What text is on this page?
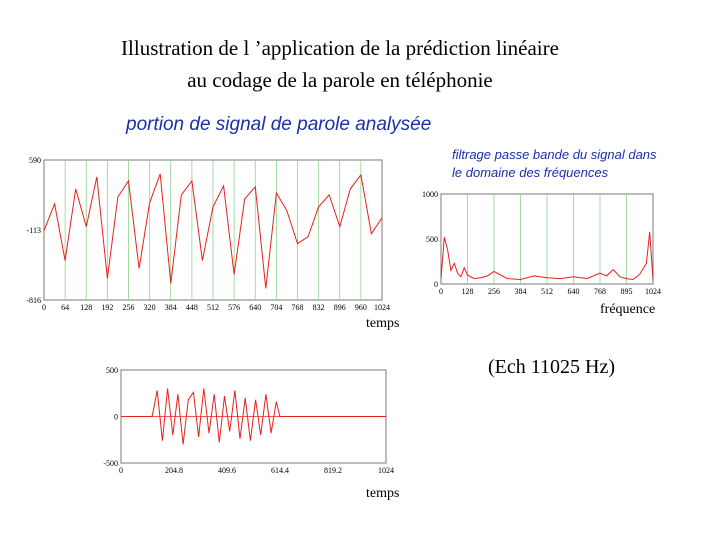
Illustration de l ’application de la prédiction linéaire

au codage de la parole en téléphonie
portion de signal de parole analysée
filtrage passe bande du signal dans le domaine des fréquences
temps
fréquence
temps
(Ech 11025 Hz)
0 64 128 192 256 320 384 448 512 576 640 704 768 832 896 960 1024
590
-113
-816
0 128 256 384 512 640 768 895 1024
1000
500
0
0	204.8	409.6	614.4	819.2	1024
500
0
-500
